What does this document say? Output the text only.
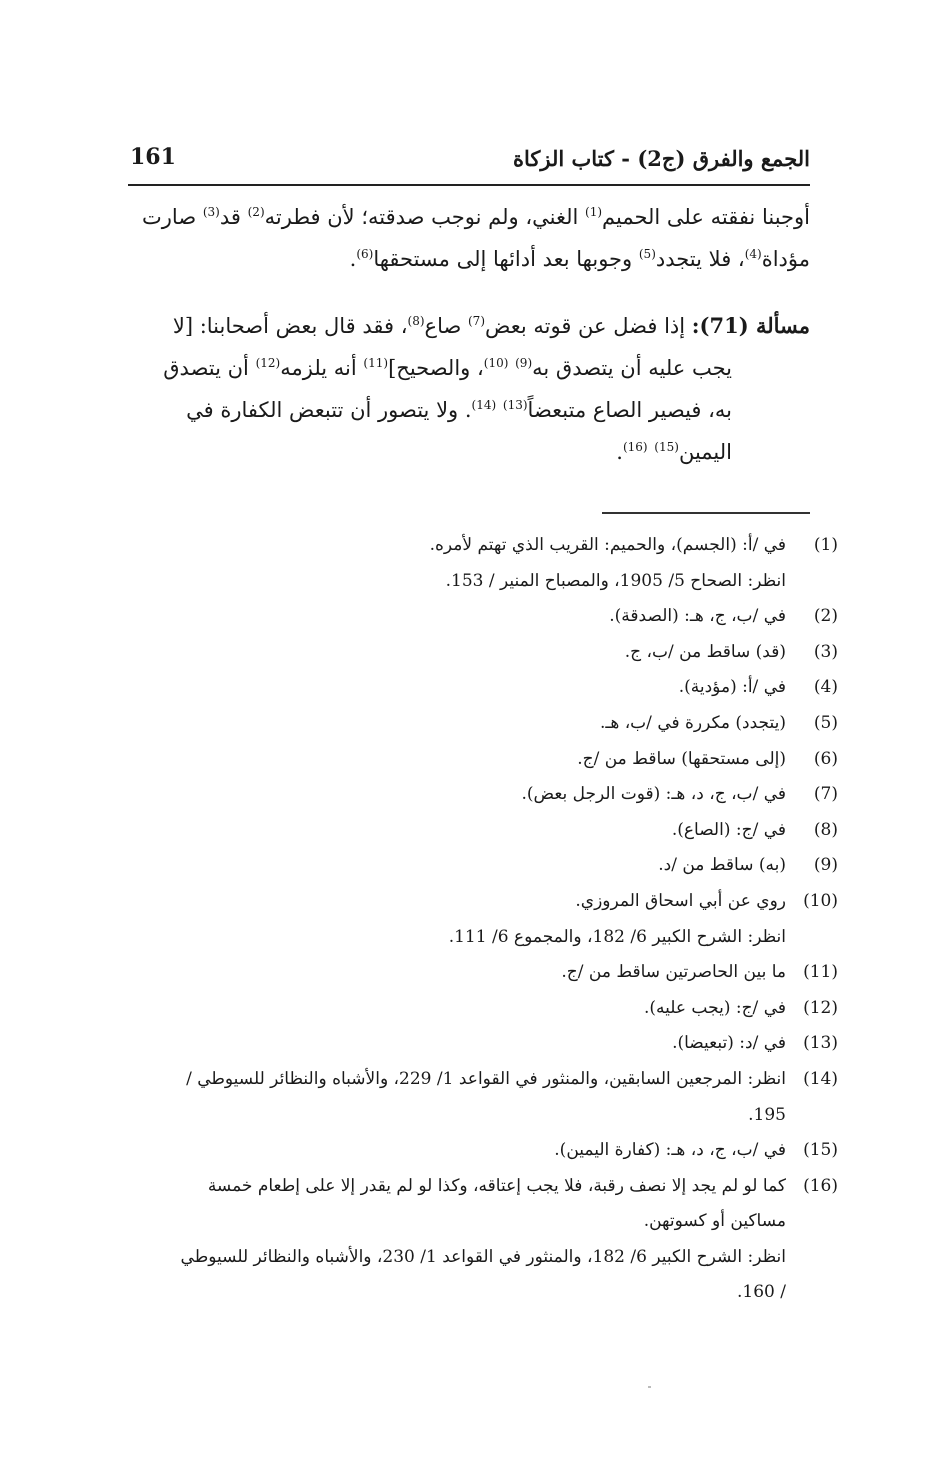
الجمع والفرق (ج2) - كتاب الزكاة
161
أوجبنا نفقته على الحميم$^{(1)}$ الغني، ولم نوجب صدقته؛ لأن فطرته$^{(2)}$ قد$^{(3)}$ صارت
مؤداة$^{(4)}$، فلا يتجدد$^{(5)}$ وجوبها بعد أدائها إلى مستحقها$^{(6)}$.
مسألة (71): إذا فضل عن قوته بعض$^{(7)}$ صاع$^{(8)}$، فقد قال بعض أصحابنا: [لا
يجب عليه أن يتصدق به$^{(9)}$ $^{(10)}$، والصحيح]$^{(11)}$ أنه يلزمه$^{(12)}$ أن يتصدق
به، فيصير الصاع متبعضاً$^{(13)}$ $^{(14)}$. ولا يتصور أن تتبعض الكفارة في
اليمين$^{(15)}$ $^{(16)}$.
(1)
في /أ: (الجسم)، والحميم: القريب الذي تهتم لأمره.
انظر: الصحاح 5/ 1905، والمصباح المنير / 153.
(2)
في /ب، ج، هـ: (الصدقة).
(3)
(قد) ساقط من /ب، ج.
(4)
في /أ: (مؤدية).
(5)
(يتجدد) مكررة في /ب، هـ.
(6)
(إلى مستحقها) ساقط من /ج.
(7)
في /ب، ج، د، هـ: (قوت الرجل بعض).
(8)
في /ج: (الصاع).
(9)
(به) ساقط من /د.
(10)
روي عن أبي اسحاق المروزي.
انظر: الشرح الكبير 6/ 182، والمجموع 6/ 111.
(11)
ما بين الحاصرتين ساقط من /ج.
(12)
في /ج: (يجب عليه).
(13)
في /د: (تبعيضا).
(14)
انظر: المرجعين السابقين، والمنثور في القواعد 1/ 229، والأشباه والنظائر للسيوطي /
195.
(15)
في /ب، ج، د، هـ: (كفارة اليمين).
(16)
كما لو لم يجد إلا نصف رقبة، فلا يجب إعتاقه، وكذا لو لم يقدر إلا على إطعام خمسة
مساكين أو كسوتهن.
انظر: الشرح الكبير 6/ 182، والمنثور في القواعد 1/ 230، والأشباه والنظائر للسيوطي
/ 160.
